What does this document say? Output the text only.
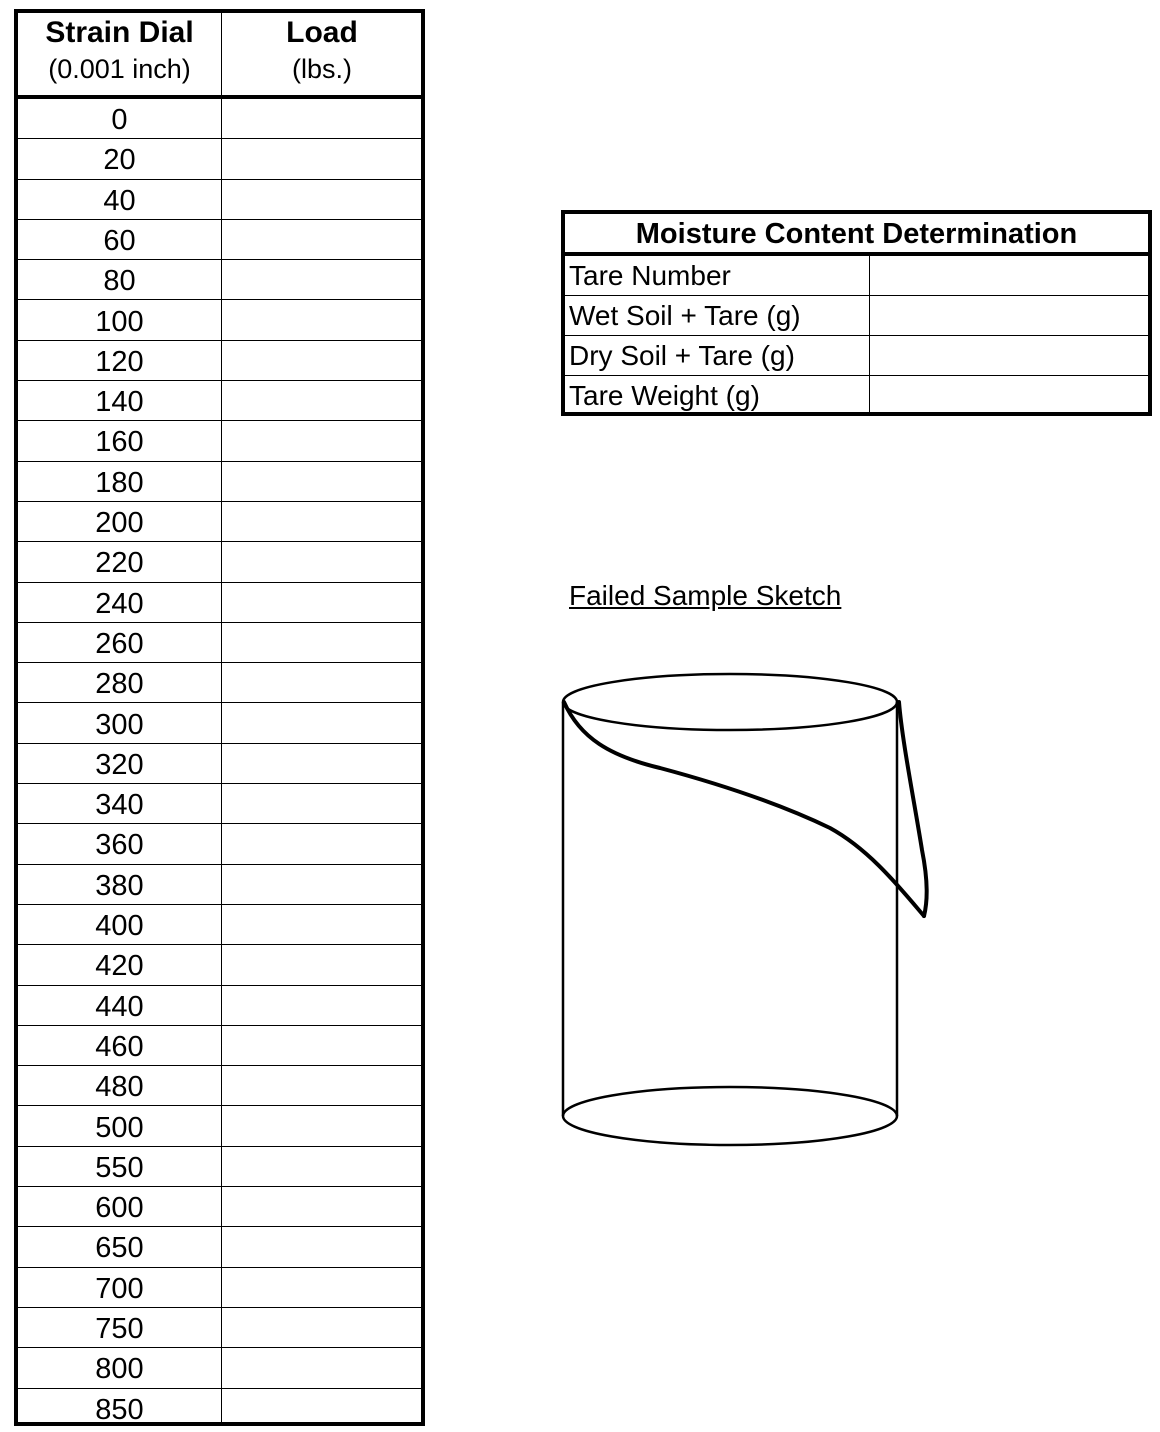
Strain Dial
(0.001 inch)
Load
(lbs.)
0
20
40
60
80
100
120
140
160
180
200
220
240
260
280
300
320
340
360
380
400
420
440
460
480
500
550
600
650
700
750
800
850
Moisture Content Determination
Tare Number
Wet Soil + Tare (g)
Dry Soil + Tare (g)
Tare Weight (g)
Failed Sample Sketch
